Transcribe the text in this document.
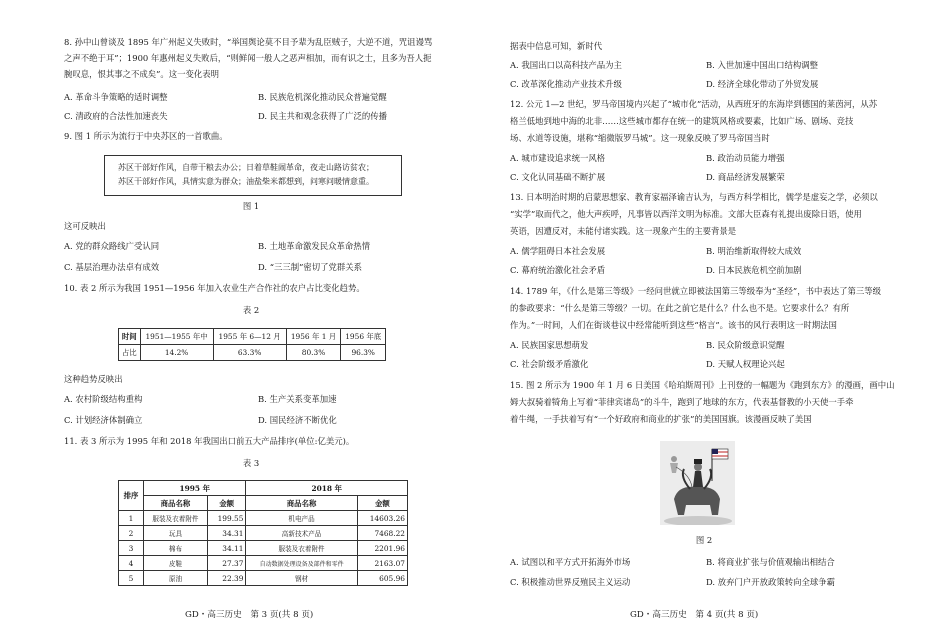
8. 孙中山曾谈及 1895 年广州起义失败时，“举国舆论莫不目予辈为乱臣贼子，大逆不道，咒诅谩骂
之声不绝于耳”；1900 年惠州起义失败后，“则鲜闻一般人之恶声相加，而有识之士，且多为吾人扼
腕叹息，恨其事之不成矣”。这一变化表明
A. 革命斗争策略的适时调整	B. 民族危机深化推动民众普遍觉醒
C. 清政府的合法性加速丧失	D. 民主共和观念获得了广泛的传播
9. 图 1 所示为流行于中央苏区的一首歌曲。
苏区干部好作风，自带干粮去办公；日着草鞋闹革命，夜走山路访贫农；
苏区干部好作风，具情实意为群众；油盐柴米都想到，问寒问暖情意重。
图 1
这可反映出
A. 党的群众路线广受认同	B. 土地革命激发民众革命热情
C. 基层治理办法卓有成效	D. “三三制”密切了党群关系
10. 表 2 所示为我国 1951—1956 年加入农业生产合作社的农户占比变化趋势。
表 2
时间	1951—1955 年中	1955 年 6—12 月	1956 年 1 月	1956 年底
占比	14.2%	63.3%	80.3%	96.3%
这种趋势反映出
A. 农村阶级结构重构	B. 生产关系变革加速
C. 计划经济体制确立	D. 国民经济不断优化
11. 表 3 所示为 1995 年和 2018 年我国出口前五大产品排序(单位:亿美元)。
表 3
排序	1995 年		2018 年	
	商品名称	金额	商品名称	金额
1	服装及衣着附件	199.55	机电产品	14603.26
2	玩具	34.31	高新技术产品	7468.22
3	棉布	34.11	服装及衣着附件	2201.96
4	皮鞋	27.37	自动数据处理设备及部件和零件	2163.07
5	原油	22.39	钢材	605.96
GD・高三历史　第 3 页(共 8 页)
据表中信息可知，新时代
A. 我国出口以高科技产品为主	B. 入世加速中国出口结构调整
C. 改革深化推动产业技术升级	D. 经济全球化带动了外贸发展
12. 公元 1—2 世纪，罗马帝国境内兴起了“城市化”活动，从西班牙的东海岸到德国的莱茵河，从苏
格兰低地到地中海的北非……这些城市都存在统一的建筑风格或要素，比如广场、剧场、竞技
场、水道等设施，堪称“缩微版罗马城”。这一现象反映了罗马帝国当时
A. 城市建设追求统一风格	B. 政治动员能力增强
C. 文化认同基础不断扩展	D. 商品经济发展繁荣
13. 日本明治时期的启蒙思想家、教育家福泽谕吉认为，与西方科学相比，儒学是虚妄之学，必须以
“实学”取而代之，他大声疾呼，凡事皆以西洋文明为标准。文部大臣森有礼提出废除日语，使用
英语，因遭反对，未能付诸实践。这一现象产生的主要背景是
A. 儒学阻碍日本社会发展	B. 明治维新取得较大成效
C. 幕府统治激化社会矛盾	D. 日本民族危机空前加剧
14. 1789 年，《什么是第三等级》一经问世就立即被法国第三等级奉为“圣经”，书中表达了第三等级
的参政要求：“什么是第三等级？一切。在此之前它是什么？什么也不是。它要求什么？有所
作为。”一时间，人们在街谈巷议中经常能听到这些“格言”。该书的风行表明这一时期法国
A. 民族国家思想萌发	B. 民众阶级意识觉醒
C. 社会阶级矛盾激化	D. 天赋人权理论兴起
15. 图 2 所示为 1900 年 1 月 6 日美国《哈珀斯周刊》上刊登的一幅题为《跑到东方》的漫画，画中山
姆大叔骑着犄角上写着“菲律宾诸岛”的斗牛，跑到了地球的东方，代表基督教的小天使一手牵
着牛绳，一手扶着写有“一个好政府和商业的扩张”的美国国旗。该漫画反映了美国
图 2
A. 试图以和平方式开拓海外市场	B. 将商业扩张与价值观输出相结合
C. 积极推动世界反殖民主义运动	D. 放弃门户开放政策转向全球争霸
GD・高三历史　第 4 页(共 8 页)
